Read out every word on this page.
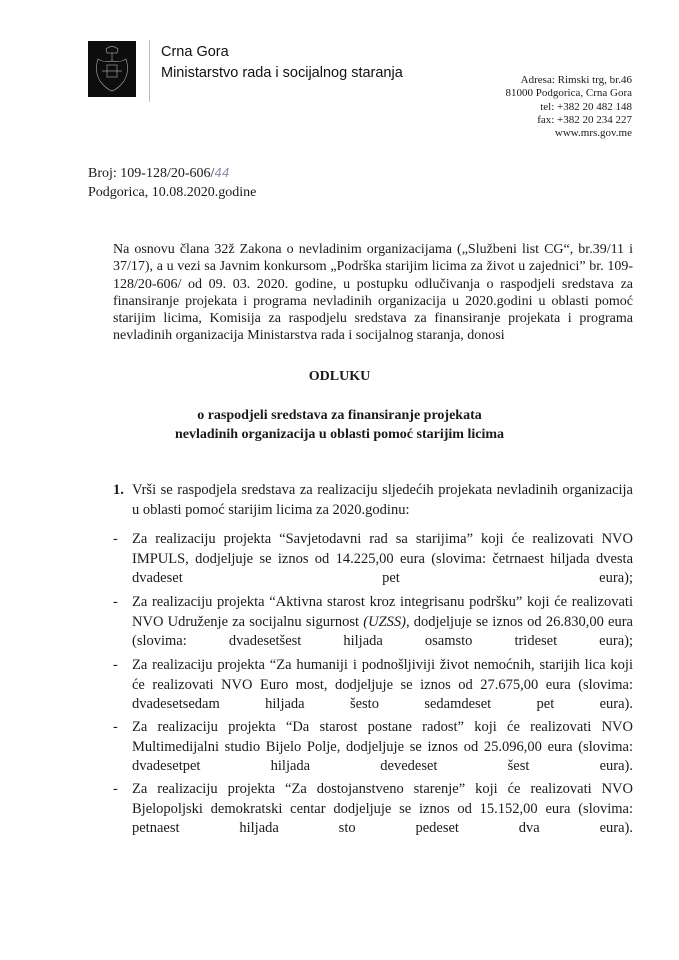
Crna Gora
Ministarstvo rada i socijalnog staranja	Adresa: Rimski trg, br.46
81000 Podgorica, Crna Gora
tel: +382 20 482 148
fax: +382 20 234 227
www.mrs.gov.me
Broj: 109-128/20-606/44
Podgorica, 10.08.2020.godine
Na osnovu člana 32ž Zakona o nevladinim organizacijama („Službeni list CG“, br.39/11 i 37/17), a u vezi sa Javnim konkursom „Podrška starijim licima za život u zajednici” br. 109-128/20-606/ od 09. 03. 2020. godine, u postupku odlučivanja o raspodjeli sredstava za finansiranje projekata i programa nevladinih organizacija u 2020.godini u oblasti pomoć starijim licima, Komisija za raspodjelu sredstava za finansiranje projekata i programa nevladinih organizacija Ministarstva rada i socijalnog staranja, donosi
ODLUKU
o raspodjeli sredstava za finansiranje projekata
nevladinih organizacija u oblasti pomoć starijim licima
1. Vrši se raspodjela sredstava za realizaciju sljedećih projekata nevladinih organizacija u oblasti pomoć starijim licima za 2020.godinu:
- Za realizaciju projekta “Savjetodavni rad sa starijima” koji će realizovati NVO IMPULS, dodjeljuje se iznos od 14.225,00 eura (slovima: četrnaest hiljada dvesta dvadeset pet eura);
- Za realizaciju projekta “Aktivna starost kroz integrisanu podršku” koji će realizovati NVO Udruženje za socijalnu sigurnost (UZSS), dodjeljuje se iznos od 26.830,00 eura (slovima: dvadesetšest hiljada osamsto trideset eura);
- Za realizaciju projekta “Za humaniji i podnošljiviji život nemoćnih, starijih lica koji će realizovati NVO Euro most, dodjeljuje se iznos od 27.675,00 eura (slovima: dvadesetsedam hiljada šesto sedamdeset pet eura).
- Za realizaciju projekta “Da starost postane radost” koji će realizovati NVO Multimedijalni studio Bijelo Polje, dodjeljuje se iznos od 25.096,00 eura (slovima: dvadesetpet hiljada devedeset šest eura).
- Za realizaciju projekta “Za dostojanstveno starenje” koji će realizovati NVO Bjelopoljski demokratski centar dodjeljuje se iznos od 15.152,00 eura (slovima: petnaest hiljada sto pedeset dva eura).
